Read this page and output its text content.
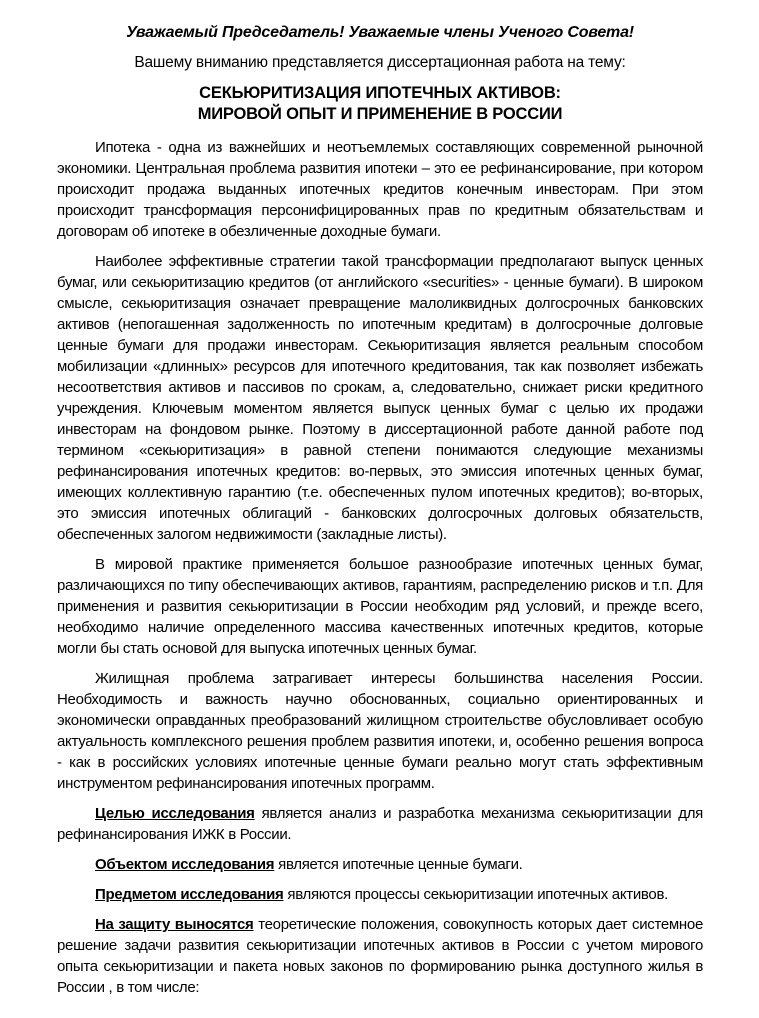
Уважаемый Председатель! Уважаемые члены Ученого Совета!
Вашему вниманию представляется диссертационная работа на тему:
СЕКЬЮРИТИЗАЦИЯ ИПОТЕЧНЫХ АКТИВОВ:
МИРОВОЙ ОПЫТ И ПРИМЕНЕНИЕ В РОССИИ

Ипотека - одна из важнейших и неотъемлемых составляющих современной рыночной экономики. Центральная проблема развития ипотеки – это ее рефинансирование, при котором происходит продажа выданных ипотечных кредитов конечным инвесторам. При этом происходит трансформация персонифицированных прав по кредитным обязательствам и договорам об ипотеке в обезличенные доходные бумаги.

Наиболее эффективные стратегии такой трансформации предполагают выпуск ценных бумаг, или секьюритизацию кредитов (от английского «securities» - ценные бумаги). В широком смысле, секьюритизация означает превращение малоликвидных долгосрочных банковских активов (непогашенная задолженность по ипотечным кредитам) в долгосрочные долговые ценные бумаги для продажи инвесторам. Секьюритизация является реальным способом мобилизации «длинных» ресурсов для ипотечного кредитования, так как позволяет избежать несоответствия активов и пассивов по срокам, а, следовательно, снижает риски кредитного учреждения. Ключевым моментом является выпуск ценных бумаг с целью их продажи инвесторам на фондовом рынке. Поэтому в диссертационной работе данной работе под термином «секьюритизация» в равной степени понимаются следующие механизмы рефинансирования ипотечных кредитов: во-первых, это эмиссия ипотечных ценных бумаг, имеющих коллективную гарантию (т.е. обеспеченных пулом ипотечных кредитов); во-вторых, это эмиссия ипотечных облигаций - банковских долгосрочных долговых обязательств, обеспеченных залогом недвижимости (закладные листы).

В мировой практике применяется большое разнообразие ипотечных ценных бумаг, различающихся по типу обеспечивающих активов, гарантиям, распределению рисков и т.п. Для применения и развития секьюритизации в России необходим ряд условий, и прежде всего, необходимо наличие определенного массива качественных ипотечных кредитов, которые могли бы стать основой для выпуска ипотечных ценных бумаг.

Жилищная проблема затрагивает интересы большинства населения России. Необходимость и важность научно обоснованных, социально ориентированных и экономически оправданных преобразований жилищном строительстве обусловливает особую актуальность комплексного решения проблем развития ипотеки, и, особенно решения вопроса - как в российских условиях ипотечные ценные бумаги реально могут стать эффективным инструментом рефинансирования ипотечных программ.

Целью исследования является анализ и разработка механизма секьюритизации для рефинансирования ИЖК в России.

Объектом исследования является ипотечные ценные бумаги.

Предметом исследования являются процессы секьюритизации ипотечных активов.

На защиту выносятся теоретические положения, совокупность которых дает системное решение задачи развития секьюритизации ипотечных активов в России с учетом мирового опыта секьюритизации и пакета новых законов по формированию рынка доступного жилья в России , в том числе:
